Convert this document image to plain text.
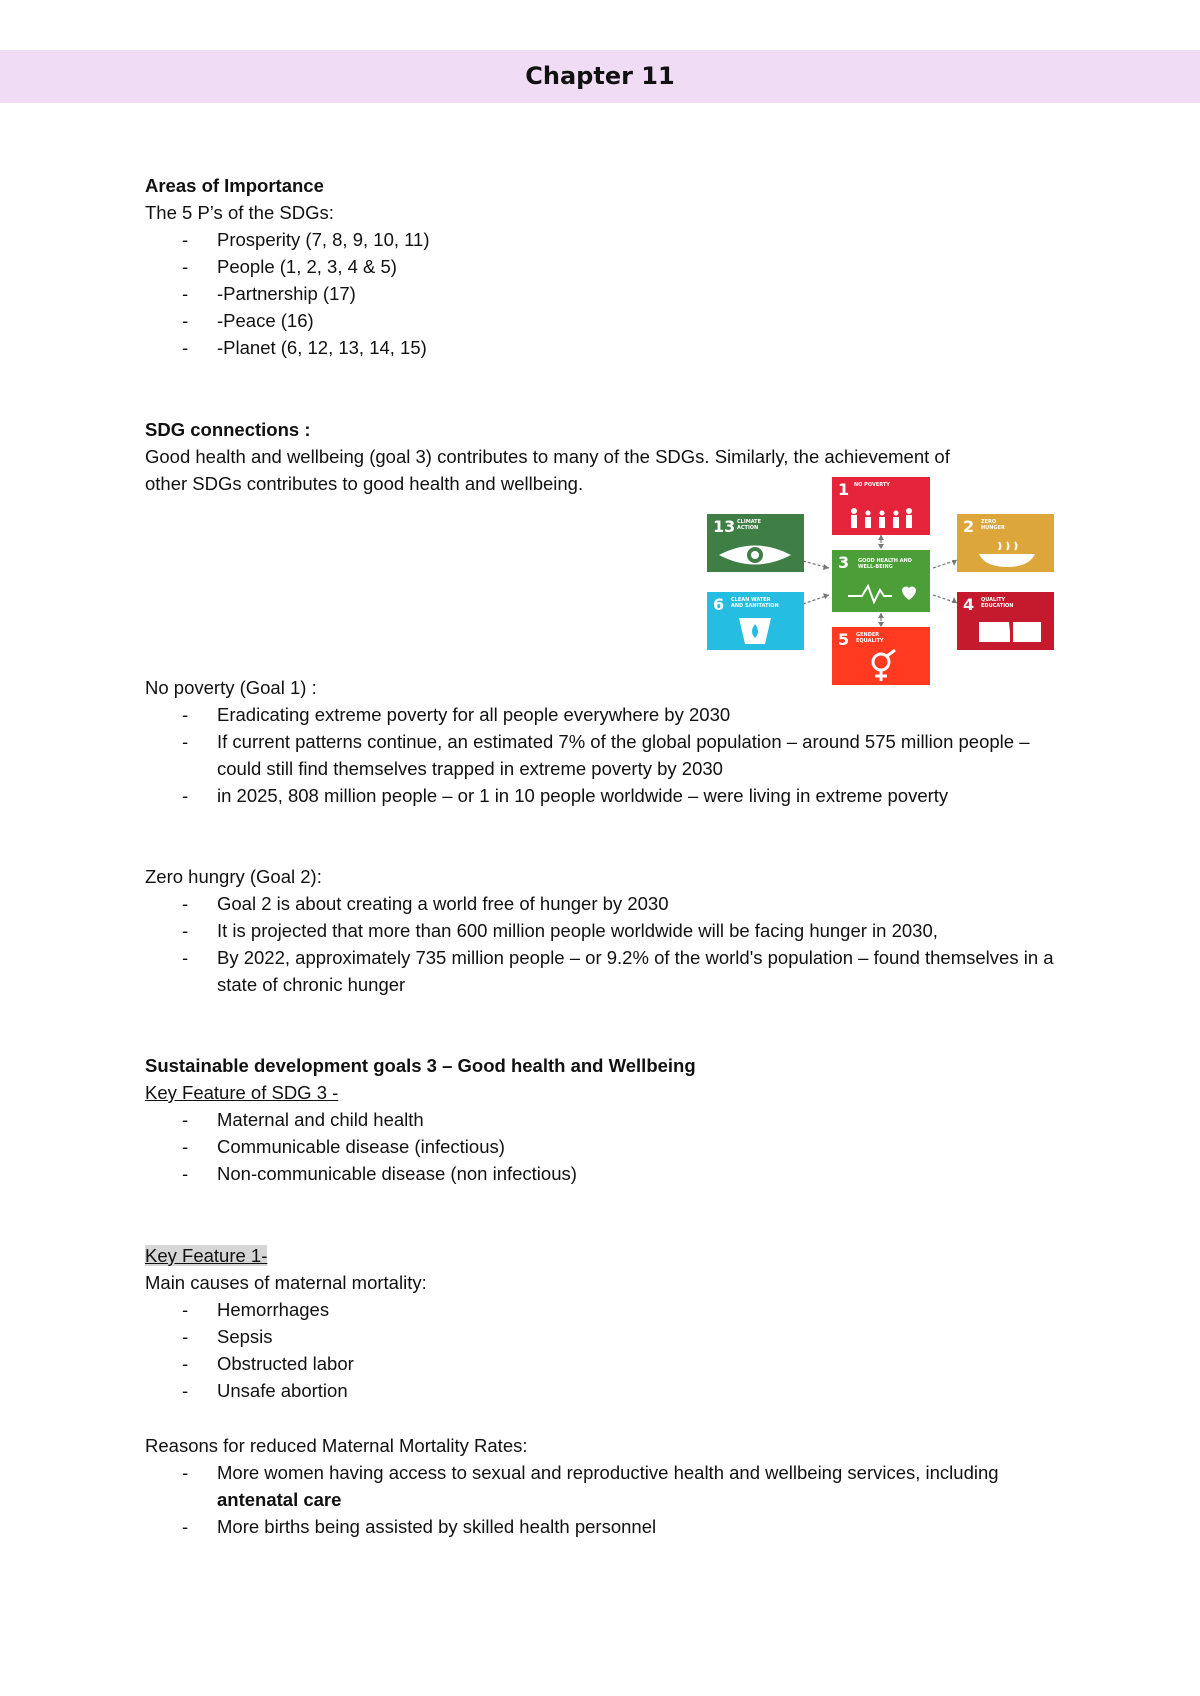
Chapter 11
Areas of Importance
The 5 P’s of the SDGs:
- Prosperity (7, 8, 9, 10, 11)
- People (1, 2, 3, 4 & 5)
- -Partnership (17)
- -Peace (16)
- -Planet (6, 12, 13, 14, 15)
SDG connections :
Good health and wellbeing (goal 3) contributes to many of the SDGs. Similarly, the achievement of
other SDGs contributes to good health and wellbeing.	1 NO POVERTY
2 ZERO HUNGER
3 GOOD HEALTH AND WELL-BEING
13 CLIMATE ACTION
6 CLEAN WATER AND SANITATION	4 QUALITY EDUCATION
5 GENDER EQUALITY
No poverty (Goal 1) :
- Eradicating extreme poverty for all people everywhere by 2030
- If current patterns continue, an estimated 7% of the global population – around 575 million people – could still find themselves trapped in extreme poverty by 2030
- in 2025, 808 million people – or 1 in 10 people worldwide – were living in extreme poverty
Zero hungry (Goal 2):
- Goal 2 is about creating a world free of hunger by 2030
- It is projected that more than 600 million people worldwide will be facing hunger in 2030,
- By 2022, approximately 735 million people – or 9.2% of the world's population – found themselves in a state of chronic hunger
Sustainable development goals 3 – Good health and Wellbeing
Key Feature of SDG 3 -
- Maternal and child health
- Communicable disease (infectious)
- Non-communicable disease (non infectious)
Key Feature 1-
Main causes of maternal mortality:
- Hemorrhages
- Sepsis
- Obstructed labor
- Unsafe abortion
Reasons for reduced Maternal Mortality Rates:
- More women having access to sexual and reproductive health and wellbeing services, including antenatal care
- More births being assisted by skilled health personnel
